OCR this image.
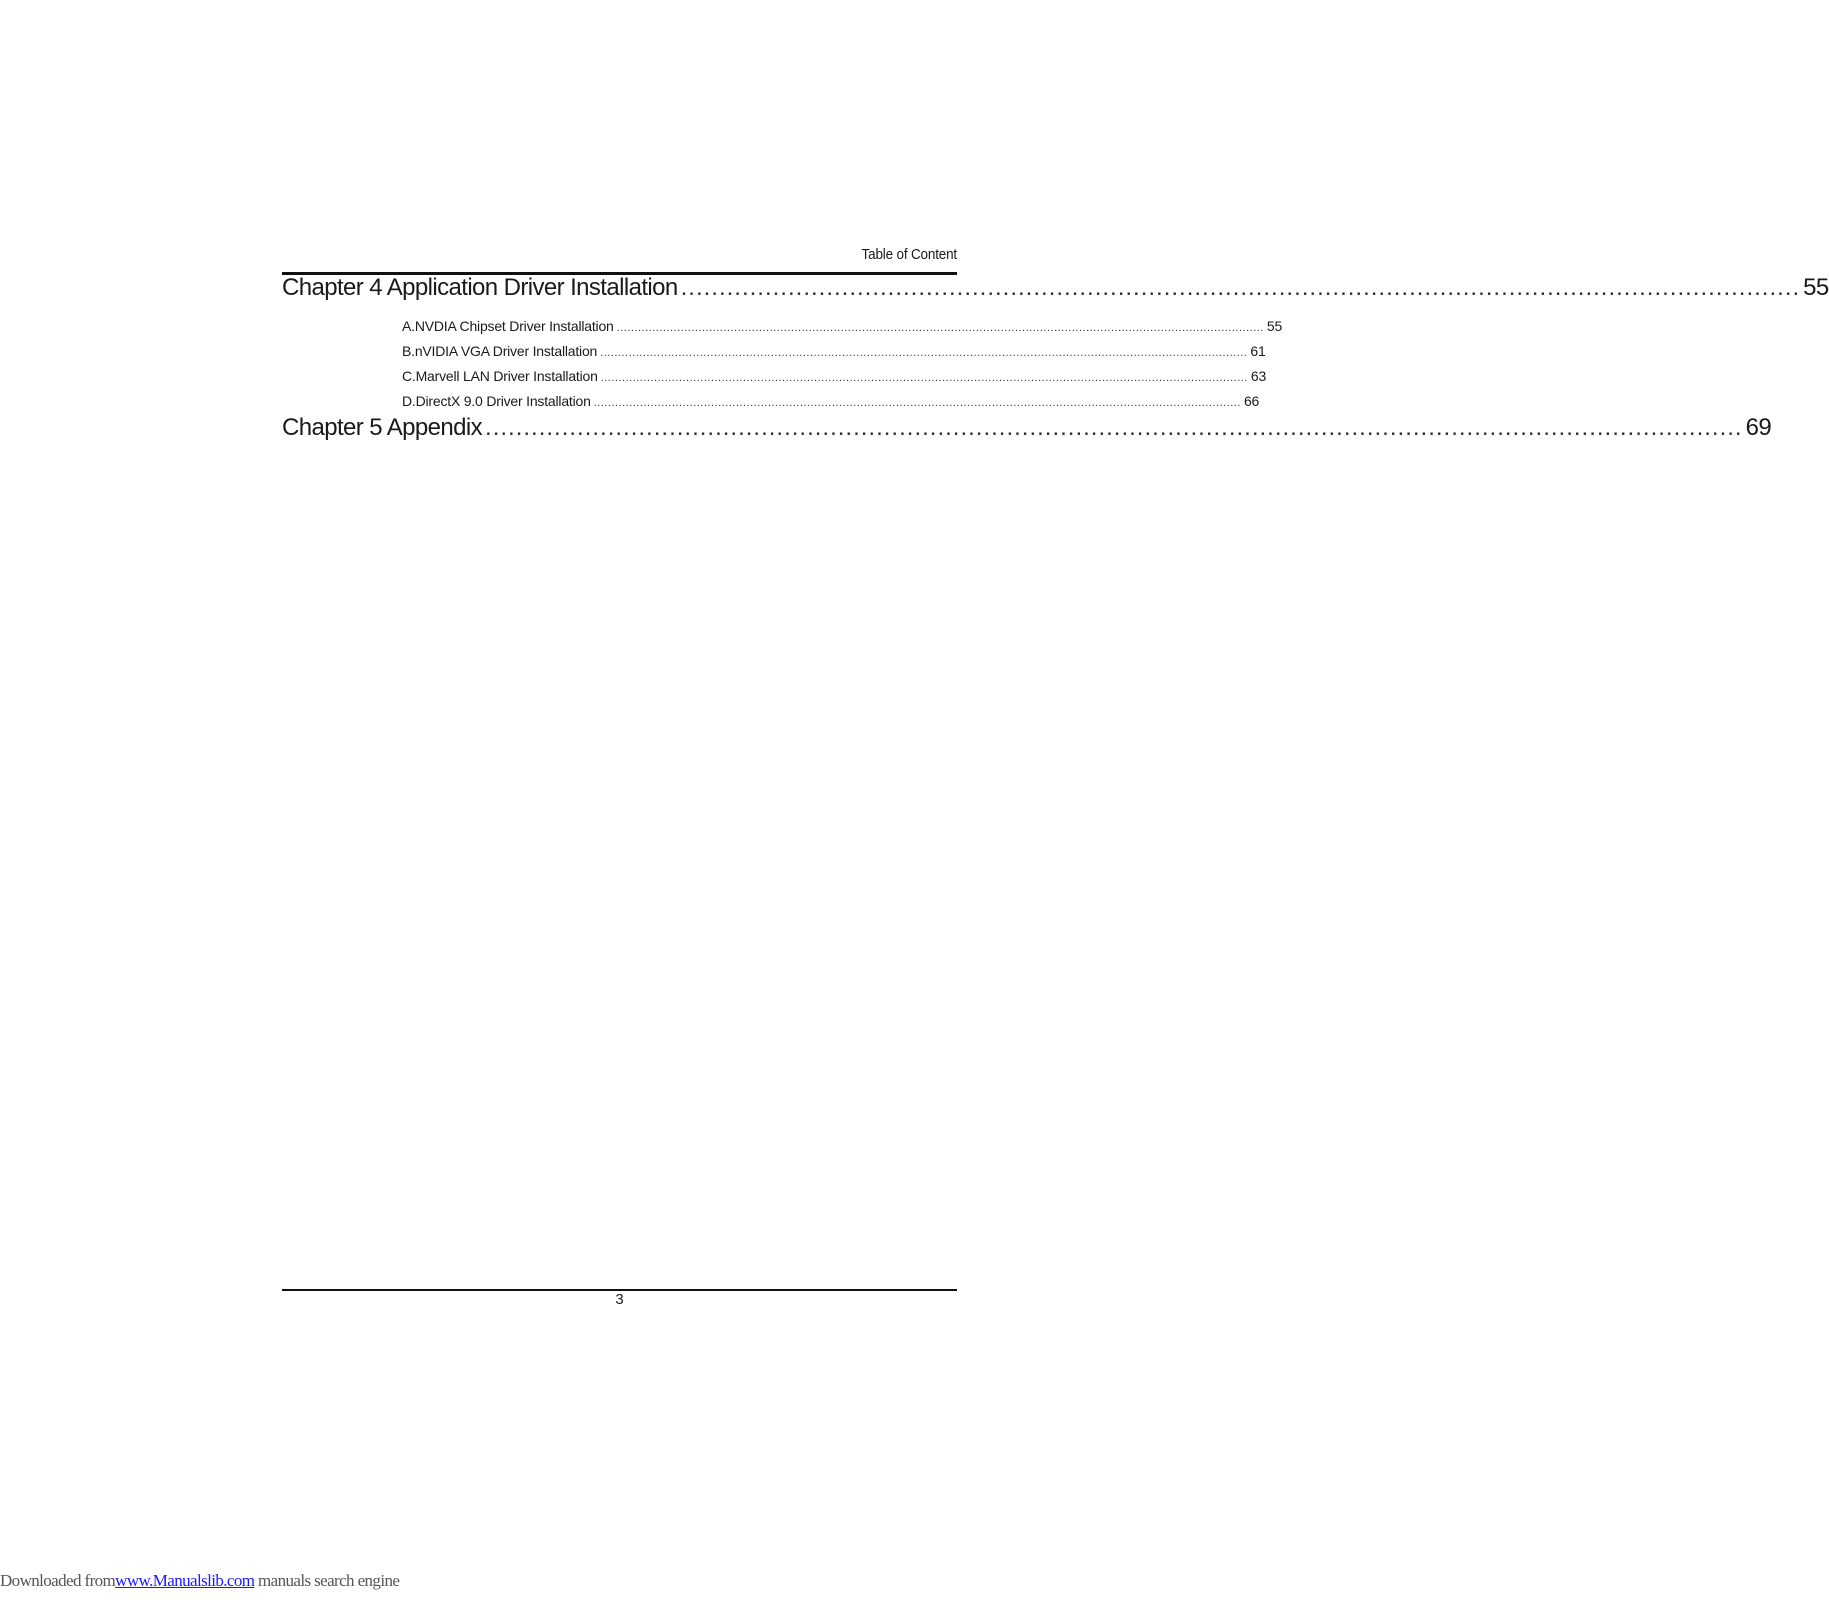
Table of Content
Chapter 4 Application Driver Installation .................................................................................................................................................. 55
A.NVDIA Chipset Driver Installation ...................................................................................................................................................................................... 55
B.nVIDIA VGA Driver Installation ...................................................................................................................................................................................... 61
C.Marvell LAN Driver Installation ...................................................................................................................................................................................... 63
D.DirectX 9.0 Driver Installation ...................................................................................................................................................................................... 66
Chapter 5 Appendix .................................................................................................................................................................... 69
3
Downloaded fromwww.Manualslib.com manuals search engine
